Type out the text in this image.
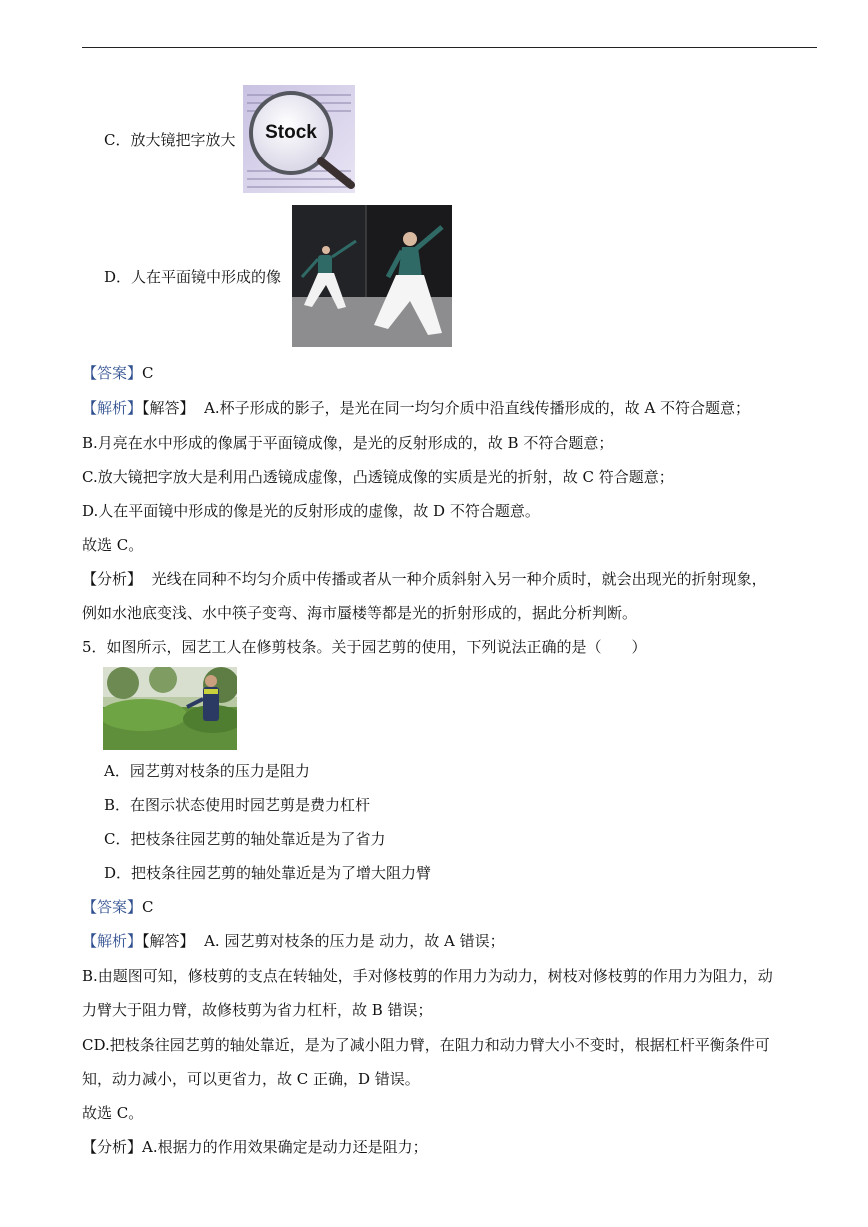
C．放大镜把字放大 Stock
D．人在平面镜中形成的像
【答案】C
【解析】【解答】 A.杯子形成的影子，是光在同一均匀介质中沿直线传播形成的，故 A 不符合题意；
B.月亮在水中形成的像属于平面镜成像，是光的反射形成的，故 B 不符合题意；
C.放大镜把字放大是利用凸透镜成虚像，凸透镜成像的实质是光的折射，故 C 符合题意；
D.人在平面镜中形成的像是光的反射形成的虚像，故 D 不符合题意。
故选 C。
【分析】 光线在同种不均匀介质中传播或者从一种介质斜射入另一种介质时，就会出现光的折射现象，
例如水池底变浅、水中筷子变弯、海市蜃楼等都是光的折射形成的，据此分析判断。
5．如图所示，园艺工人在修剪枝条。关于园艺剪的使用，下列说法正确的是（　　）
A．园艺剪对枝条的压力是阻力
B．在图示状态使用时园艺剪是费力杠杆
C．把枝条往园艺剪的轴处靠近是为了省力
D．把枝条往园艺剪的轴处靠近是为了增大阻力臂
【答案】C
【解析】【解答】 A. 园艺剪对枝条的压力是 动力，故 A 错误；
B.由题图可知，修枝剪的支点在转轴处，手对修枝剪的作用力为动力，树枝对修枝剪的作用力为阻力，动
力臂大于阻力臂，故修枝剪为省力杠杆，故 B 错误；
CD.把枝条往园艺剪的轴处靠近，是为了减小阻力臂，在阻力和动力臂大小不变时，根据杠杆平衡条件可
知，动力减小，可以更省力，故 C 正确，D 错误。
故选 C。
【分析】A.根据力的作用效果确定是动力还是阻力；
